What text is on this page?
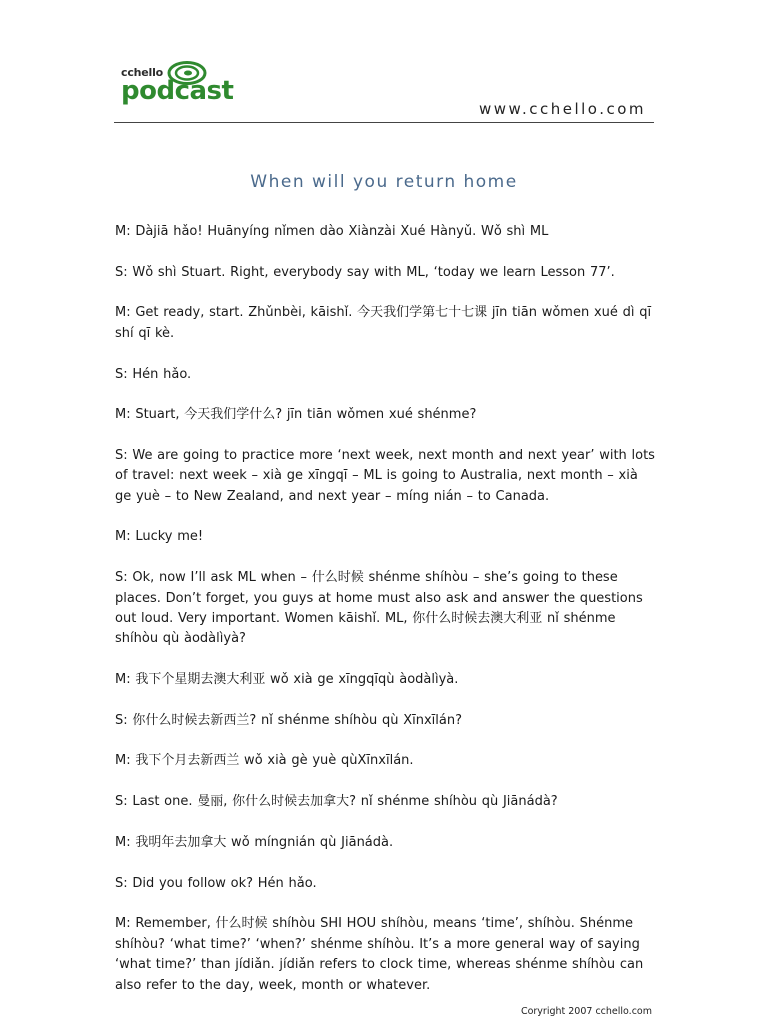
cchello
podcast
www.cchello.com
When will you return home

M: Dàjiā hǎo! Huānyíng nǐmen dào Xiànzài Xué Hànyǔ. Wǒ shì ML

S: Wǒ shì Stuart. Right, everybody say with ML, ‘today we learn Lesson 77’.

M: Get ready, start. Zhǔnbèi, kāishǐ. 今天我们学第七十七课 jīn tiān wǒmen xué dì qī shí qī kè.

S: Hén hǎo.

M: Stuart, 今天我们学什么? jīn tiān wǒmen xué shénme?

S: We are going to practice more ‘next week, next month and next year’ with lots of travel: next week – xià ge xīngqī – ML is going to Australia, next month – xià ge yuè – to New Zealand, and next year – míng nián – to Canada.

M: Lucky me!

S: Ok, now I’ll ask ML when – 什么时候 shénme shíhòu – she’s going to these places. Don’t forget, you guys at home must also ask and answer the questions out loud. Very important. Women kāishǐ. ML, 你什么时候去澳大利亚 nǐ shénme shíhòu qù àodàlìyà?

M: 我下个星期去澳大利亚 wǒ xià ge xīngqīqù àodàlìyà.

S: 你什么时候去新西兰? nǐ shénme shíhòu qù Xīnxīlán?

M: 我下个月去新西兰 wǒ xià gè yuè qùXīnxīlán.

S: Last one. 曼丽, 你什么时候去加拿大? nǐ shénme shíhòu qù Jiānádà?

M: 我明年去加拿大 wǒ míngnián qù Jiānádà.

S: Did you follow ok? Hén hǎo.

M: Remember, 什么时候 shíhòu SHI HOU shíhòu, means ‘time’, shíhòu. Shénme shíhòu? ‘what time?’ ‘when?’ shénme shíhòu. It’s a more general way of saying ‘what time?’ than jídiǎn. jídiǎn refers to clock time, whereas shénme shíhòu can also refer to the day, week, month or whatever.

Coryright 2007 cchello.com
